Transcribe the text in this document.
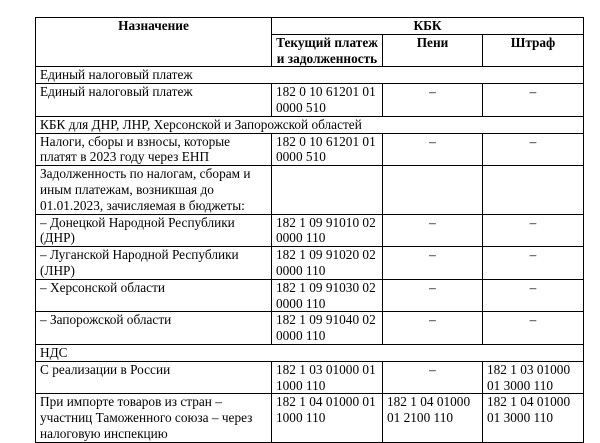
Назначение	КБК		
	Текущий платеж и задолженность	Пени	Штраф
Единый налоговый платеж			
Единый налоговый платеж	182 0 10 61201 01 0000 510	–	–
КБК для ДНР, ЛНР, Херсонской и Запорожской областей			
Налоги, сборы и взносы, которые платят в 2023 году через ЕНП	182 0 10 61201 01 0000 510	–	–
Задолженность по налогам, сборам и иным платежам, возникшая до 01.01.2023, зачисляемая в бюджеты:			
– Донецкой Народной Республики (ДНР)	182 1 09 91010 02 0000 110	–	–
– Луганской Народной Республики (ЛНР)	182 1 09 91020 02 0000 110	–	–
– Херсонской области	182 1 09 91030 02 0000 110	–	–
– Запорожской области	182 1 09 91040 02 0000 110	–	–
НДС			
С реализации в России	182 1 03 01000 01 1000 110	–	182 1 03 01000 01 3000 110
При импорте товаров из стран – участниц Таможенного союза – через налоговую инспекцию	182 1 04 01000 01 1000 110	182 1 04 01000 01 2100 110	182 1 04 01000 01 3000 110
